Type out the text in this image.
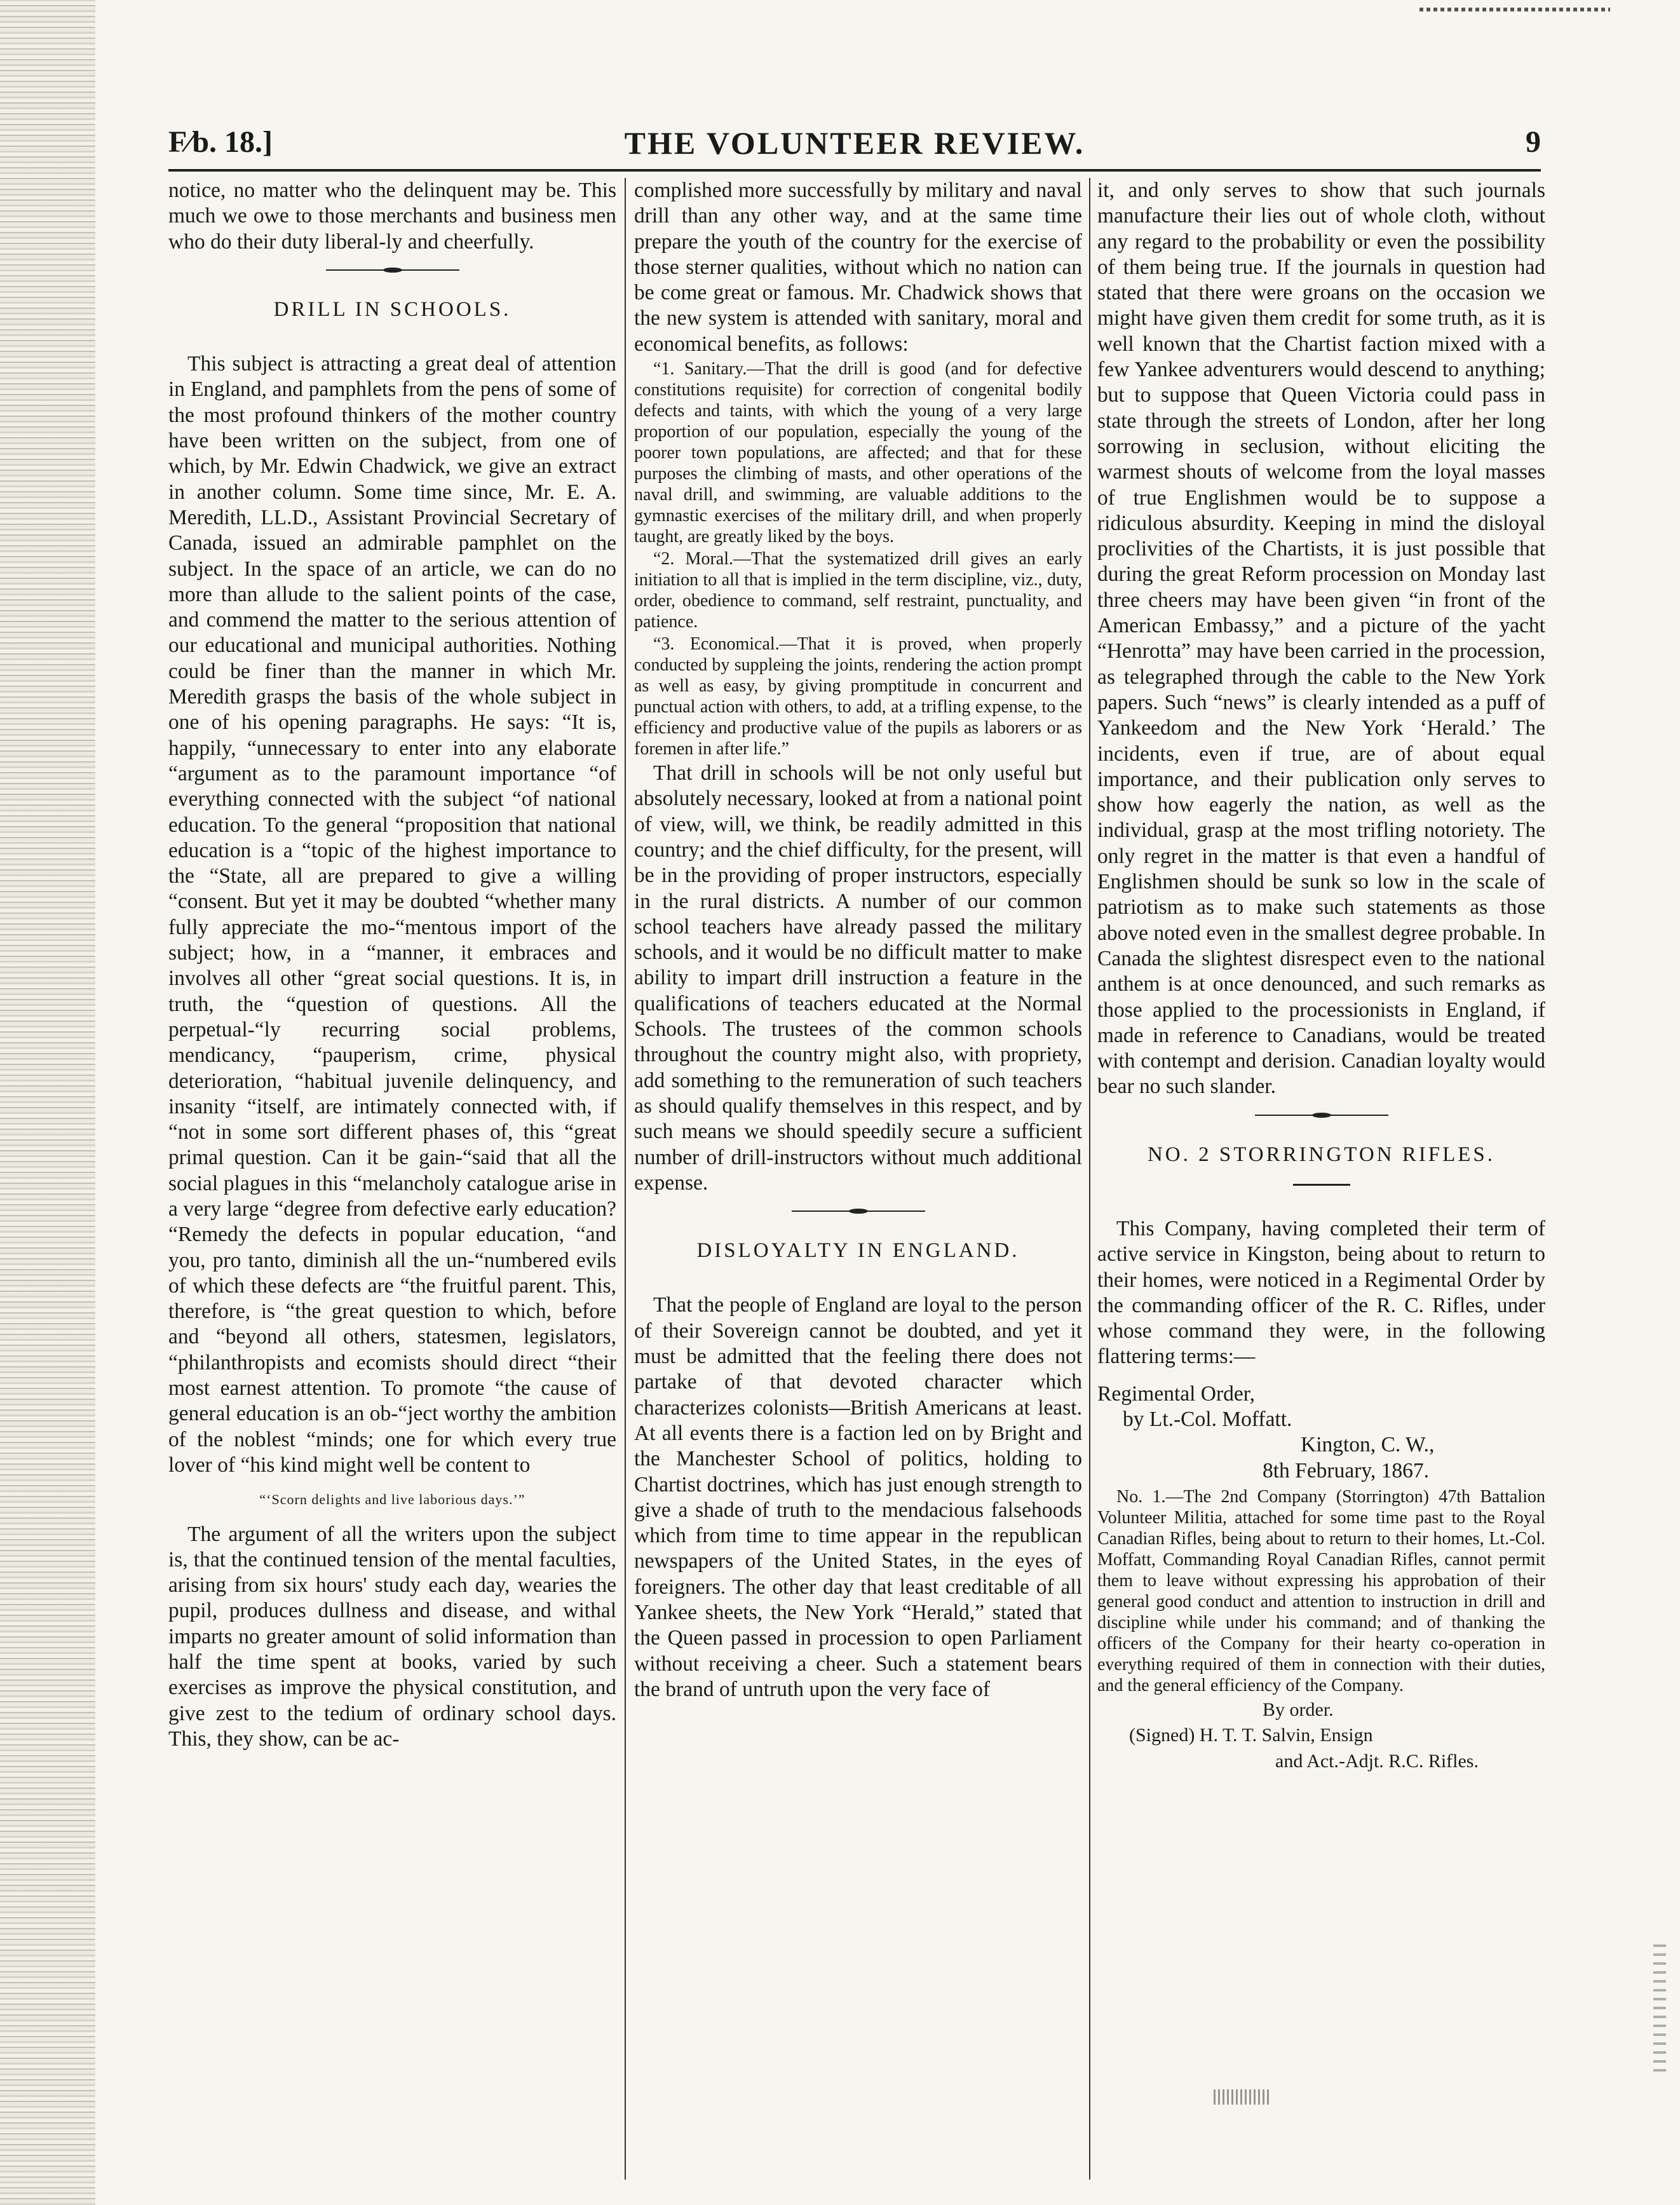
F⁄b. 18.]	THE VOLUNTEER REVIEW.	9

notice, no matter who the delinquent may be. This much we owe to those merchants and business men who do their duty liberal-ly and cheerfully.

DRILL IN SCHOOLS.

This subject is attracting a great deal of attention in England, and pamphlets from the pens of some of the most profound thinkers of the mother country have been written on the subject, from one of which, by Mr. Edwin Chadwick, we give an extract in another column. Some time since, Mr. E. A. Meredith, LL.D., Assistant Provincial Secretary of Canada, issued an admirable pamphlet on the subject. In the space of an article, we can do no more than allude to the salient points of the case, and commend the matter to the serious attention of our educational and municipal authorities. Nothing could be finer than the manner in which Mr. Meredith grasps the basis of the whole subject in one of his opening paragraphs. He says: “It is, happily, “unnecessary to enter into any elaborate “argument as to the paramount importance “of everything connected with the subject “of national education. To the general “proposition that national education is a “topic of the highest importance to the “State, all are prepared to give a willing “consent. But yet it may be doubted “whether many fully appreciate the mo-“mentous import of the subject; how, in a “manner, it embraces and involves all other “great social questions. It is, in truth, the “question of questions. All the perpetual-“ly recurring social problems, mendicancy, “pauperism, crime, physical deterioration, “habitual juvenile delinquency, and insanity “itself, are intimately connected with, if “not in some sort different phases of, this “great primal question. Can it be gain-“said that all the social plagues in this “melancholy catalogue arise in a very large “degree from defective early education? “Remedy the defects in popular education, “and you, pro tanto, diminish all the un-“numbered evils of which these defects are “the fruitful parent. This, therefore, is “the great question to which, before and “beyond all others, statesmen, legislators, “philanthropists and ecomists should direct “their most earnest attention. To promote “the cause of general education is an ob-“ject worthy the ambition of the noblest “minds; one for which every true lover of “his kind might well be content to

“‘Scorn delights and live laborious days.’”

The argument of all the writers upon the subject is, that the continued tension of the mental faculties, arising from six hours' study each day, wearies the pupil, produces dullness and disease, and withal imparts no greater amount of solid information than half the time spent at books, varied by such exercises as improve the physical constitution, and give zest to the tedium of ordinary school days. This, they show, can be ac-

complished more successfully by military and naval drill than any other way, and at the same time prepare the youth of the country for the exercise of those sterner qualities, without which no nation can be come great or famous. Mr. Chadwick shows that the new system is attended with sanitary, moral and economical benefits, as follows:

“1. Sanitary.—That the drill is good (and for defective constitutions requisite) for correction of congenital bodily defects and taints, with which the young of a very large proportion of our population, especially the young of the poorer town populations, are affected; and that for these purposes the climbing of masts, and other operations of the naval drill, and swimming, are valuable additions to the gymnastic exercises of the military drill, and when properly taught, are greatly liked by the boys.

“2. Moral.—That the systematized drill gives an early initiation to all that is implied in the term discipline, viz., duty, order, obedience to command, self restraint, punctuality, and patience.

“3. Economical.—That it is proved, when properly conducted by suppleing the joints, rendering the action prompt as well as easy, by giving promptitude in concurrent and punctual action with others, to add, at a trifling expense, to the efficiency and productive value of the pupils as laborers or as foremen in after life.”

That drill in schools will be not only useful but absolutely necessary, looked at from a national point of view, will, we think, be readily admitted in this country; and the chief difficulty, for the present, will be in the providing of proper instructors, especially in the rural districts. A number of our common school teachers have already passed the military schools, and it would be no difficult matter to make ability to impart drill instruction a feature in the qualifications of teachers educated at the Normal Schools. The trustees of the common schools throughout the country might also, with propriety, add something to the remuneration of such teachers as should qualify themselves in this respect, and by such means we should speedily secure a sufficient number of drill-instructors without much additional expense.

DISLOYALTY IN ENGLAND.

That the people of England are loyal to the person of their Sovereign cannot be doubted, and yet it must be admitted that the feeling there does not partake of that devoted character which characterizes colonists—British Americans at least. At all events there is a faction led on by Bright and the Manchester School of politics, holding to Chartist doctrines, which has just enough strength to give a shade of truth to the mendacious falsehoods which from time to time appear in the republican newspapers of the United States, in the eyes of foreigners. The other day that least creditable of all Yankee sheets, the New York “Herald,” stated that the Queen passed in procession to open Parliament without receiving a cheer. Such a statement bears the brand of untruth upon the very face of

it, and only serves to show that such journals manufacture their lies out of whole cloth, without any regard to the probability or even the possibility of them being true. If the journals in question had stated that there were groans on the occasion we might have given them credit for some truth, as it is well known that the Chartist faction mixed with a few Yankee adventurers would descend to anything; but to suppose that Queen Victoria could pass in state through the streets of London, after her long sorrowing in seclusion, without eliciting the warmest shouts of welcome from the loyal masses of true Englishmen would be to suppose a ridiculous absurdity. Keeping in mind the disloyal proclivities of the Chartists, it is just possible that during the great Reform procession on Monday last three cheers may have been given “in front of the American Embassy,” and a picture of the yacht “Henrotta” may have been carried in the procession, as telegraphed through the cable to the New York papers. Such “news” is clearly intended as a puff of Yankeedom and the New York ‘Herald.’ The incidents, even if true, are of about equal importance, and their publication only serves to show how eagerly the nation, as well as the individual, grasp at the most trifling notoriety. The only regret in the matter is that even a handful of Englishmen should be sunk so low in the scale of patriotism as to make such statements as those above noted even in the smallest degree probable. In Canada the slightest disrespect even to the national anthem is at once denounced, and such remarks as those applied to the processionists in England, if made in reference to Canadians, would be treated with contempt and derision. Canadian loyalty would bear no such slander.

NO. 2 STORRINGTON RIFLES.

This Company, having completed their term of active service in Kingston, being about to return to their homes, were noticed in a Regimental Order by the commanding officer of the R. C. Rifles, under whose command they were, in the following flattering terms:—

Regimental Order,
by Lt.-Col. Moffatt.
Kington, C. W.,
8th February, 1867.

No. 1.—The 2nd Company (Storrington) 47th Battalion Volunteer Militia, attached for some time past to the Royal Canadian Rifles, being about to return to their homes, Lt.-Col. Moffatt, Commanding Royal Canadian Rifles, cannot permit them to leave without expressing his approbation of their general good conduct and attention to instruction in drill and discipline while under his command; and of thanking the officers of the Company for their hearty co-operation in everything required of them in connection with their duties, and the general efficiency of the Company.

By order.
(Signed) H. T. T. Salvin, Ensign
and Act.-Adjt. R.C. Rifles.
